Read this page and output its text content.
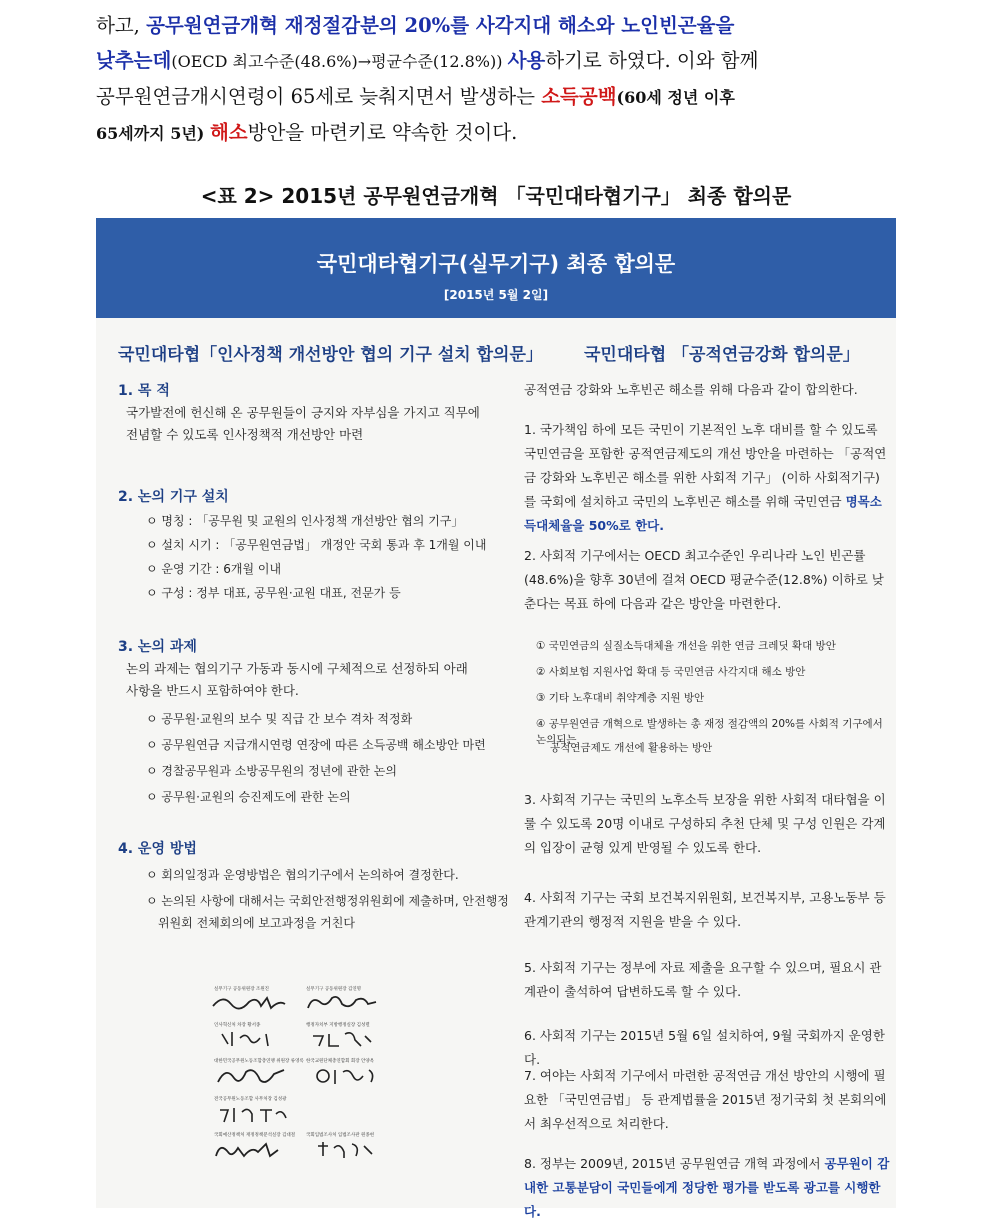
하고, 공무원연금개혁 재정절감분의 20%를 사각지대 해소와 노인빈곤율을
낮추는데(OECD 최고수준(48.6%)→평균수준(12.8%)) 사용하기로 하였다. 이와 함께
공무원연금개시연령이 65세로 늦춰지면서 발생하는 소득공백(60세 정년 이후
65세까지 5년) 해소방안을 마련키로 약속한 것이다.
<표 2> 2015년 공무원연금개혁 「국민대타협기구」 최종 합의문
국민대타협기구(실무기구) 최종 합의문
[2015년 5월 2일]
국민대타협「인사정책 개선방안 협의 기구 설치 합의문」
1. 목 적
국가발전에 헌신해 온 공무원들이 긍지와 자부심을 가지고 직무에 전념할 수 있도록 인사정책적 개선방안 마련
2. 논의 기구 설치
ㅇ 명칭 : 「공무원 및 교원의 인사정책 개선방안 협의 기구」
ㅇ 설치 시기 : 「공무원연금법」 개정안 국회 통과 후 1개월 이내
ㅇ 운영 기간 : 6개월 이내
ㅇ 구성 : 정부 대표, 공무원·교원 대표, 전문가 등
3. 논의 과제
논의 과제는 협의기구 가동과 동시에 구체적으로 선정하되 아래 사항을 반드시 포함하여야 한다.
ㅇ 공무원·교원의 보수 및 직급 간 보수 격차 적정화
ㅇ 공무원연금 지급개시연령 연장에 따른 소득공백 해소방안 마련
ㅇ 경찰공무원과 소방공무원의 정년에 관한 논의
ㅇ 공무원·교원의 승진제도에 관한 논의
4. 운영 방법
ㅇ 회의일정과 운영방법은 협의기구에서 논의하여 결정한다.
ㅇ 논의된 사항에 대해서는 국회안전행정위원회에 제출하며, 안전행정
위원회 전체회의에 보고과정을 거친다
실무기구 공동위원장 조원진	실무기구 공동위원장 김연명
인사혁신처 차장 황서종	행정자치부 지방행정실장 김성렬
대한민국공무원노동조합총연맹 위원장 류영록 한국교원단체총연합회 회장 안양옥
전국공무원노동조합 사무처장 김성광
국회예산정책처 재정정책분석실장 김대철 국회입법조사처 입법조사관 원종현
국민대타협 「공적연금강화 합의문」
공적연금 강화와 노후빈곤 해소를 위해 다음과 같이 합의한다.
1. 국가책임 하에 모든 국민이 기본적인 노후 대비를 할 수 있도록 국민연금을 포함한 공적연금제도의 개선 방안을 마련하는 「공적연금 강화와 노후빈곤 해소를 위한 사회적 기구」 (이하 사회적기구)를 국회에 설치하고 국민의 노후빈곤 해소를 위해 국민연금 명목소득대체율을 50%로 한다.
2. 사회적 기구에서는 OECD 최고수준인 우리나라 노인 빈곤률(48.6%)을 향후 30년에 걸쳐 OECD 평균수준(12.8%) 이하로 낮춘다는 목표 하에 다음과 같은 방안을 마련한다.
① 국민연금의 실질소득대체율 개선을 위한 연금 크레딧 확대 방안
② 사회보험 지원사업 확대 등 국민연금 사각지대 해소 방안
③ 기타 노후대비 취약계층 지원 방안
④ 공무원연금 개혁으로 발생하는 총 재정 절감액의 20%를 사회적 기구에서 논의되는
공적연금제도 개선에 활용하는 방안
3. 사회적 기구는 국민의 노후소득 보장을 위한 사회적 대타협을 이룰 수 있도록 20명 이내로 구성하되 추천 단체 및 구성 인원은 각계의 입장이 균형 있게 반영될 수 있도록 한다.
4. 사회적 기구는 국회 보건복지위원회, 보건복지부, 고용노동부 등 관계기관의 행정적 지원을 받을 수 있다.
5. 사회적 기구는 정부에 자료 제출을 요구할 수 있으며, 필요시 관계관이 출석하여 답변하도록 할 수 있다.
6. 사회적 기구는 2015년 5월 6일 설치하여, 9월 국회까지 운영한다.
7. 여야는 사회적 기구에서 마련한 공적연금 개선 방안의 시행에 필요한 「국민연금법」 등 관계법률을 2015년 정기국회 첫 본회의에서 최우선적으로 처리한다.
8. 정부는 2009년, 2015년 공무원연금 개혁 과정에서 공무원이 감내한 고통분담이 국민들에게 정당한 평가를 받도록 광고를 시행한다.
